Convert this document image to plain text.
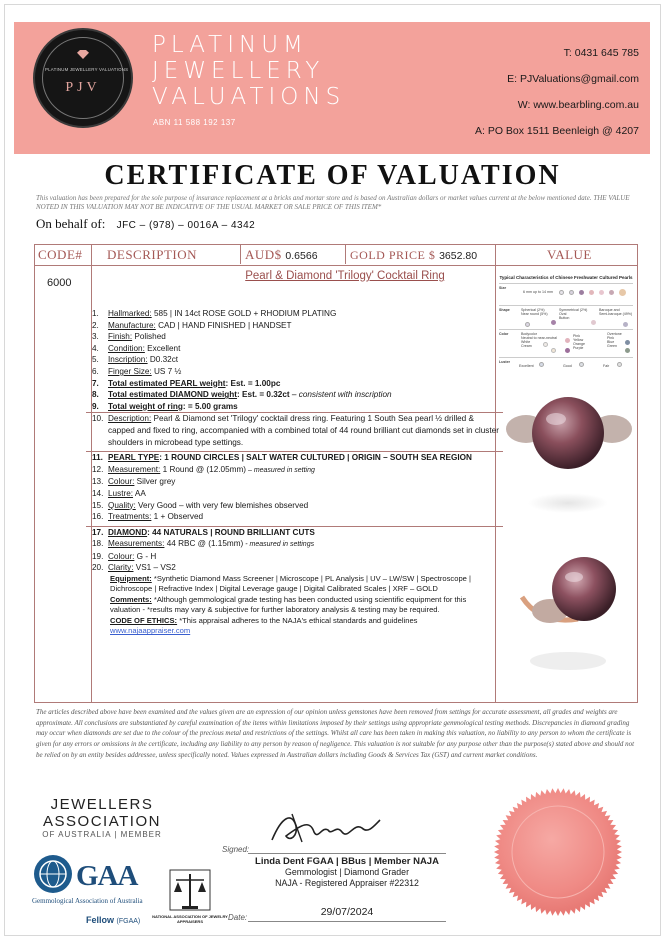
PLATINUM JEWELLERY VALUATIONS
PJV
PLATINUM
JEWELLERY
VALUATIONS
ABN 11 588 192 137
T: 0431 645 785
E: PJValuations@gmail.com
W: www.bearbling.com.au
A: PO Box 1511 Beenleigh @ 4207
CERTIFICATE OF VALUATION
This valuation has been prepared for the sole purpose of insurance replacement at a bricks and mortar store and is based on Australian dollars or market values current at the below mentioned date. THE VALUE NOTED IN THIS VALUATION MAY NOT BE INDICATIVE OF THE USUAL MARKET OR SALE PRICE OF THIS ITEM*
On behalf of: JFC – (978) – 0016A – 4342
CODE# DESCRIPTION	AUD$ 0.6566	GOLD PRICE $ 3652.80	VALUE
6000
Pearl & Diamond 'Trilogy' Cocktail Ring
1.	Hallmarked: 585 | IN 14ct ROSE GOLD + RHODIUM PLATING
2.	Manufacture: CAD | HAND FINISHED | HANDSET
3.	Finish: Polished
4.	Condition: Excellent
5.	Inscription: D0.32ct
6.	Finger Size: US 7 ½
7.	Total estimated PEARL weight: Est. = 1.00pc
8.	Total estimated DIAMOND weight: Est. = 0.32ct – consistent with inscription
9.	Total weight of ring: = 5.00 grams
10. Description: Pearl & Diamond set 'Trilogy' cocktail dress ring. Featuring 1 South Sea pearl ½ drilled & capped and fixed to ring, accompanied with a combined total of 44 round brilliant cut diamonds set in cluster shoulders in microbead type settings.
11. PEARL TYPE: 1 ROUND CIRCLES | SALT WATER CULTURED | ORIGIN – SOUTH SEA REGION
12. Measurement: 1 Round @ (12.05mm) – measured in setting
13. Colour: Silver grey
14. Lustre: AA
15. Quality: Very Good – with very few blemishes observed
16. Treatments: 1 + Observed
17. DIAMOND: 44 NATURALS | ROUND BRILLIANT CUTS
18. Measurements: 44 RBC @ (1.15mm) - measured in settings
19. Colour: G - H
20. Clarity: VS1 – VS2
Equipment: *Synthetic Diamond Mass Screener | Microscope | PL Analysis | UV – LW/SW | Spectroscope | Dichroscope | Refractive Index | Digital Leverage gauge | Digital Calibrated Scales | XRF – GOLD
Comments: *Although gemmological grade testing has been conducted using scientific equipment for this valuation - *results may vary & subjective for further laboratory analysis & testing may be required.
CODE OF ETHICS: *This appraisal adheres to the NAJA's ethical standards and guidelines
www.najaappraiser.com
Typical Characteristics of Chinese Freshwater Cultured Pearls
Size
6 mm up to 14 mm
Shape	Spherical (2%)
Near round (5%)
Symmetrical (2%)
Oval
Button
Baroque and
Semi-baroque (49%)
Color	Bodycolor
Neutral to near-neutral
White
Cream
Pink
Yellow
Orange
Purple
Overtone
Pink
Blue
Green
Luster
Excellent	Good	Fair
The articles described above have been examined and the values given are an expression of our opinion unless gemstones have been removed from settings for accurate assessment, all grades and weights are approximate. All conclusions are substantiated by careful examination of the items within limitations imposed by their settings using appropriate gemmological testing methods. Discrepancies in diamond grading may occur when diamonds are set due to the colour of the precious metal and restrictions of the settings. Whilst all care has been taken in making this valuation, no liability to any person to whom the certificate is given for any errors or omissions in the certificate, including any liability to any person by reason of negligence. This valuation is not suitable for any purpose other than the purpose(s) stated above and should not be relied on by an entity besides addressee, unless specifically noted. Values expressed in Australian dollars including Goods & Services Tax (GST) and current market conditions.
JEWELLERS
ASSOCIATION
OF AUSTRALIA | MEMBER
GAA
Gemmological Association of Australia
Fellow (FGAA)
NATIONAL ASSOCIATION OF JEWELRY APPRAISERS
Signed:
Linda Dent FGAA | BBus | Member NAJA
Gemmologist | Diamond Grader
NAJA - Registered Appraiser #22312
Date:	29/07/2024
